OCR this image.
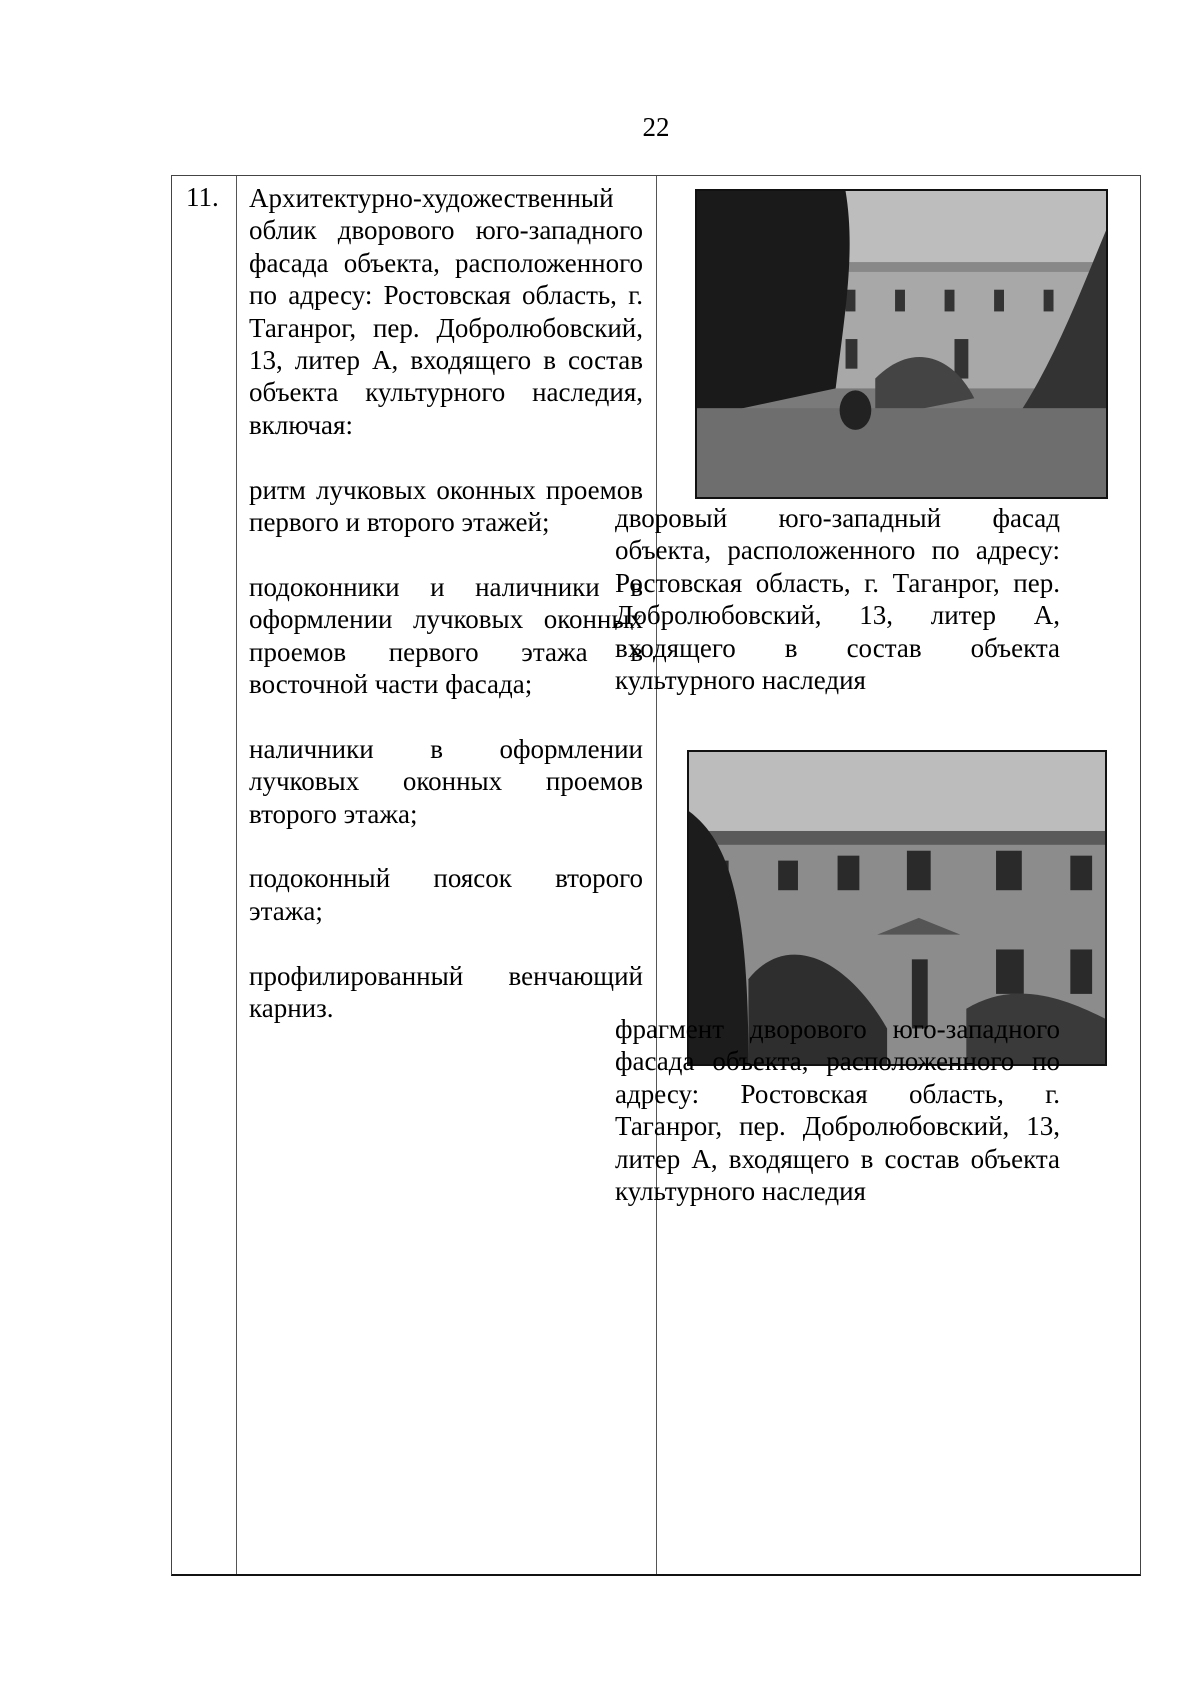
22
11. Архитектурно-художественный облик дворового юго-западного фасада объекта, расположенного по адресу: Ростовская область, г. Таганрог, пер. Добролюбовский, 13, литер А, входящего в состав объекта культурного наследия, включая:

ритм лучковых оконных проемов первого и второго этажей;

подоконники и наличники в оформлении лучковых оконных проемов первого этажа в восточной части фасада;

наличники в оформлении лучковых оконных проемов второго этажа;

подоконный поясок второго этажа;

профилированный венчающий карниз.

дворовый юго-западный фасад объекта, расположенного по адресу: Ростовская область, г. Таганрог, пер. Добролюбовский, 13, литер А, входящего в состав объекта культурного наследия

фрагмент дворового юго-западного фасада объекта, расположенного по адресу: Ростовская область, г. Таганрог, пер. Добролюбовский, 13, литер А, входящего в состав объекта культурного наследия
